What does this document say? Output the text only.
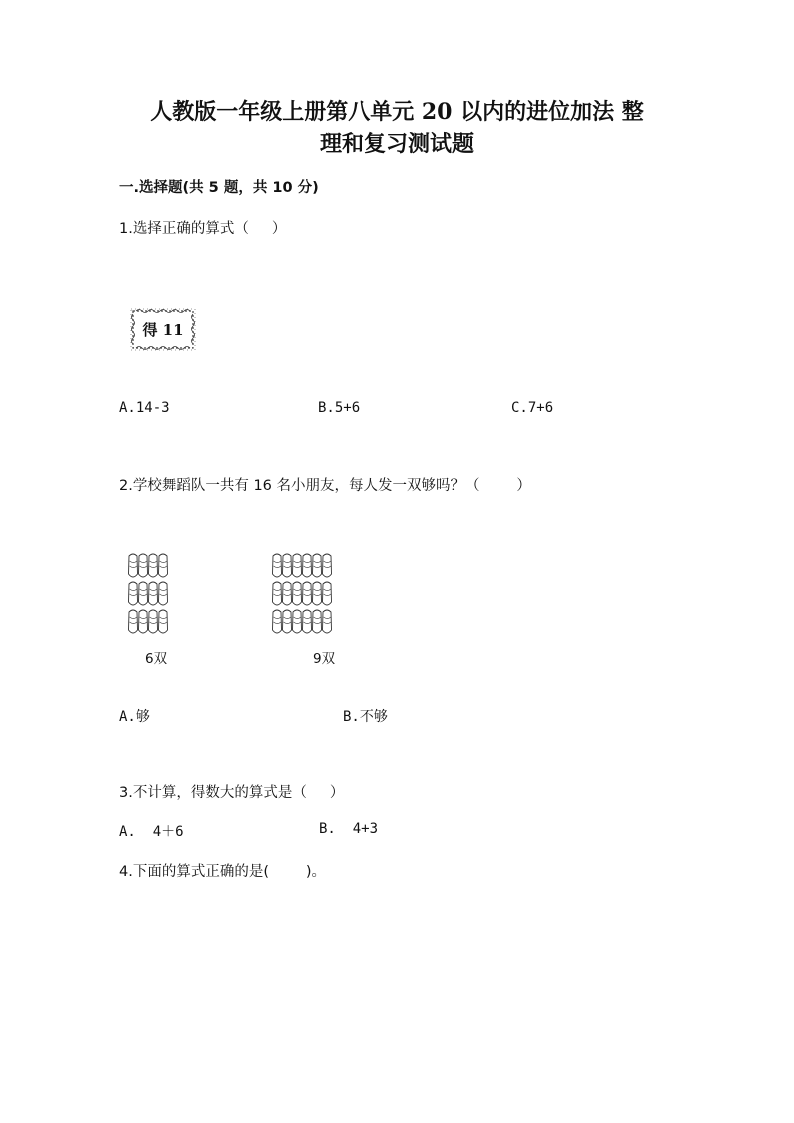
人教版一年级上册第八单元 20 以内的进位加法 整
理和复习测试题
一.选择题(共 5 题，共 10 分)
1.选择正确的算式（     ）
得 11
A.14-3	B.5+6	C.7+6
2.学校舞蹈队一共有 16 名小朋友，每人发一双够吗？（        ）
6双	9双
A.够	B.不够
3.不计算，得数大的算式是（     ）
A.  4＋6	B.  4+3
4.下面的算式正确的是(        )。
